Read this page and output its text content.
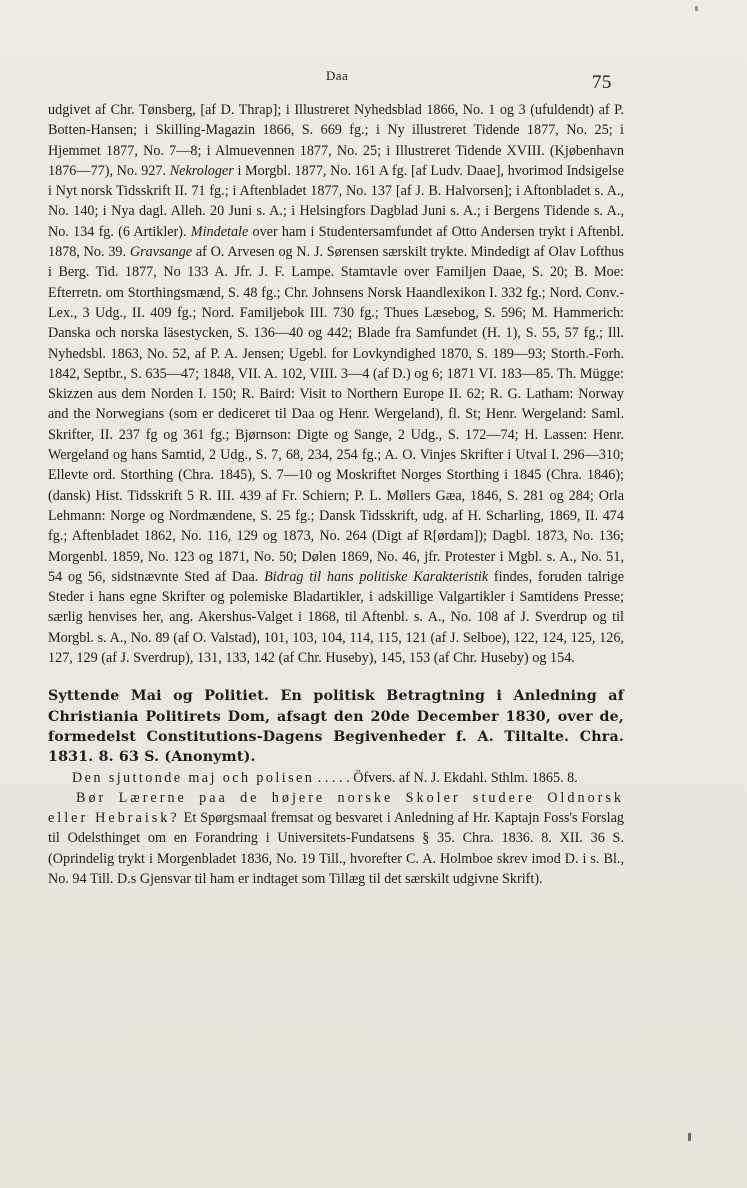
Daa	75

udgivet af Chr. Tønsberg, [af D. Thrap]; i Illustreret Nyhedsblad 1866, No. 1 og 3 (ufuldendt) af P. Botten-Hansen; i Skilling-Magazin 1866, S. 669 fg.; i Ny illustreret Tidende 1877, No. 25; i Hjemmet 1877, No. 7—8; i Almuevennen 1877, No. 25; i Illustreret Tidende XVIII. (Kjøbenhavn 1876—77), No. 927. Nekrologer i Morgbl. 1877, No. 161 A fg. [af Ludv. Daae], hvorimod Indsigelse i Nyt norsk Tidsskrift II. 71 fg.; i Aftenbladet 1877, No. 137 [af J. B. Halvorsen]; i Aftonbladet s. A., No. 140; i Nya dagl. Alleh. 20 Juni s. A.; i Helsingfors Dagblad Juni s. A.; i Bergens Tidende s. A., No. 134 fg. (6 Artikler). Mindetale over ham i Studentersamfundet af Otto Andersen trykt i Aftenbl. 1878, No. 39. Gravsange af O. Arvesen og N. J. Sørensen særskilt trykte. Mindedigt af Olav Lofthus i Berg. Tid. 1877, No 133 A. Jfr. J. F. Lampe. Stamtavle over Familjen Daae, S. 20; B. Moe: Efterretn. om Storthingsmænd, S. 48 fg.; Chr. Johnsens Norsk Haandlexikon I. 332 fg.; Nord. Conv.-Lex., 3 Udg., II. 409 fg.; Nord. Familjebok III. 730 fg.; Thues Læsebog, S. 596; M. Hammerich: Danska och norska läsestycken, S. 136—40 og 442; Blade fra Samfundet (H. 1), S. 55, 57 fg.; Ill. Nyhedsbl. 1863, No. 52, af P. A. Jensen; Ugebl. for Lovkyndighed 1870, S. 189—93; Storth.-Forh. 1842, Septbr., S. 635—47; 1848, VII. A. 102, VIII. 3—4 (af D.) og 6; 1871 VI. 183—85. Th. Mügge: Skizzen aus dem Norden I. 150; R. Baird: Visit to Northern Europe II. 62; R. G. Latham: Norway and the Norwegians (som er dediceret til Daa og Henr. Wergeland), fl. St; Henr. Wergeland: Saml. Skrifter, II. 237 fg og 361 fg.; Bjørnson: Digte og Sange, 2 Udg., S. 172—74; H. Lassen: Henr. Wergeland og hans Samtid, 2 Udg., S. 7, 68, 234, 254 fg.; A. O. Vinjes Skrifter i Utval I. 296—310; Ellevte ord. Storthing (Chra. 1845), S. 7—10 og Moskriftet Norges Storthing i 1845 (Chra. 1846); (dansk) Hist. Tidsskrift 5 R. III. 439 af Fr. Schiern; P. L. Møllers Gæa, 1846, S. 281 og 284; Orla Lehmann: Norge og Nordmændene, S. 25 fg.; Dansk Tidsskrift, udg. af H. Scharling, 1869, II. 474 fg.; Aftenbladet 1862, No. 116, 129 og 1873, No. 264 (Digt af R[ørdam]); Dagbl. 1873, No. 136; Morgenbl. 1859, No. 123 og 1871, No. 50; Dølen 1869, No. 46, jfr. Protester i Mgbl. s. A., No. 51, 54 og 56, sidstnævnte Sted af Daa. Bidrag til hans politiske Karakteristik findes, foruden talrige Steder i hans egne Skrifter og polemiske Bladartikler, i adskillige Valgartikler i Samtidens Presse; særlig henvises her, ang. Akershus-Valget i 1868, til Aftenbl. s. A., No. 108 af J. Sverdrup og til Morgbl. s. A., No. 89 (af O. Valstad), 101, 103, 104, 114, 115, 121 (af J. Selboe), 122, 124, 125, 126, 127, 129 (af J. Sverdrup), 131, 133, 142 (af Chr. Huseby), 145, 153 (af Chr. Huseby) og 154.

Syttende Mai og Politiet. En politisk Betragtning i Anledning af Christiania Politirets Dom, afsagt den 20de December 1830, over de, formedelst Constitutions-Dagens Begivenheder f. A. Tiltalte. Chra. 1831. 8. 63 S. (Anonymt).
Den sjuttonde maj och polisen . . . . . Öfvers. af N. J. Ekdahl. Sthlm. 1865. 8.

Bør Lærerne paa de højere norske Skoler studere Oldnorsk eller Hebraisk? Et Spørgsmaal fremsat og besvaret i Anledning af Hr. Kaptajn Foss's Forslag til Odelsthinget om en Forandring i Universitets-Fundatsens § 35. Chra. 1836. 8. XII. 36 S. (Oprindelig trykt i Morgenbladet 1836, No. 19 Till., hvorefter C. A. Holmboe skrev imod D. i s. Bl., No. 94 Till. D.s Gjensvar til ham er indtaget som Tillæg til det særskilt udgivne Skrift).
